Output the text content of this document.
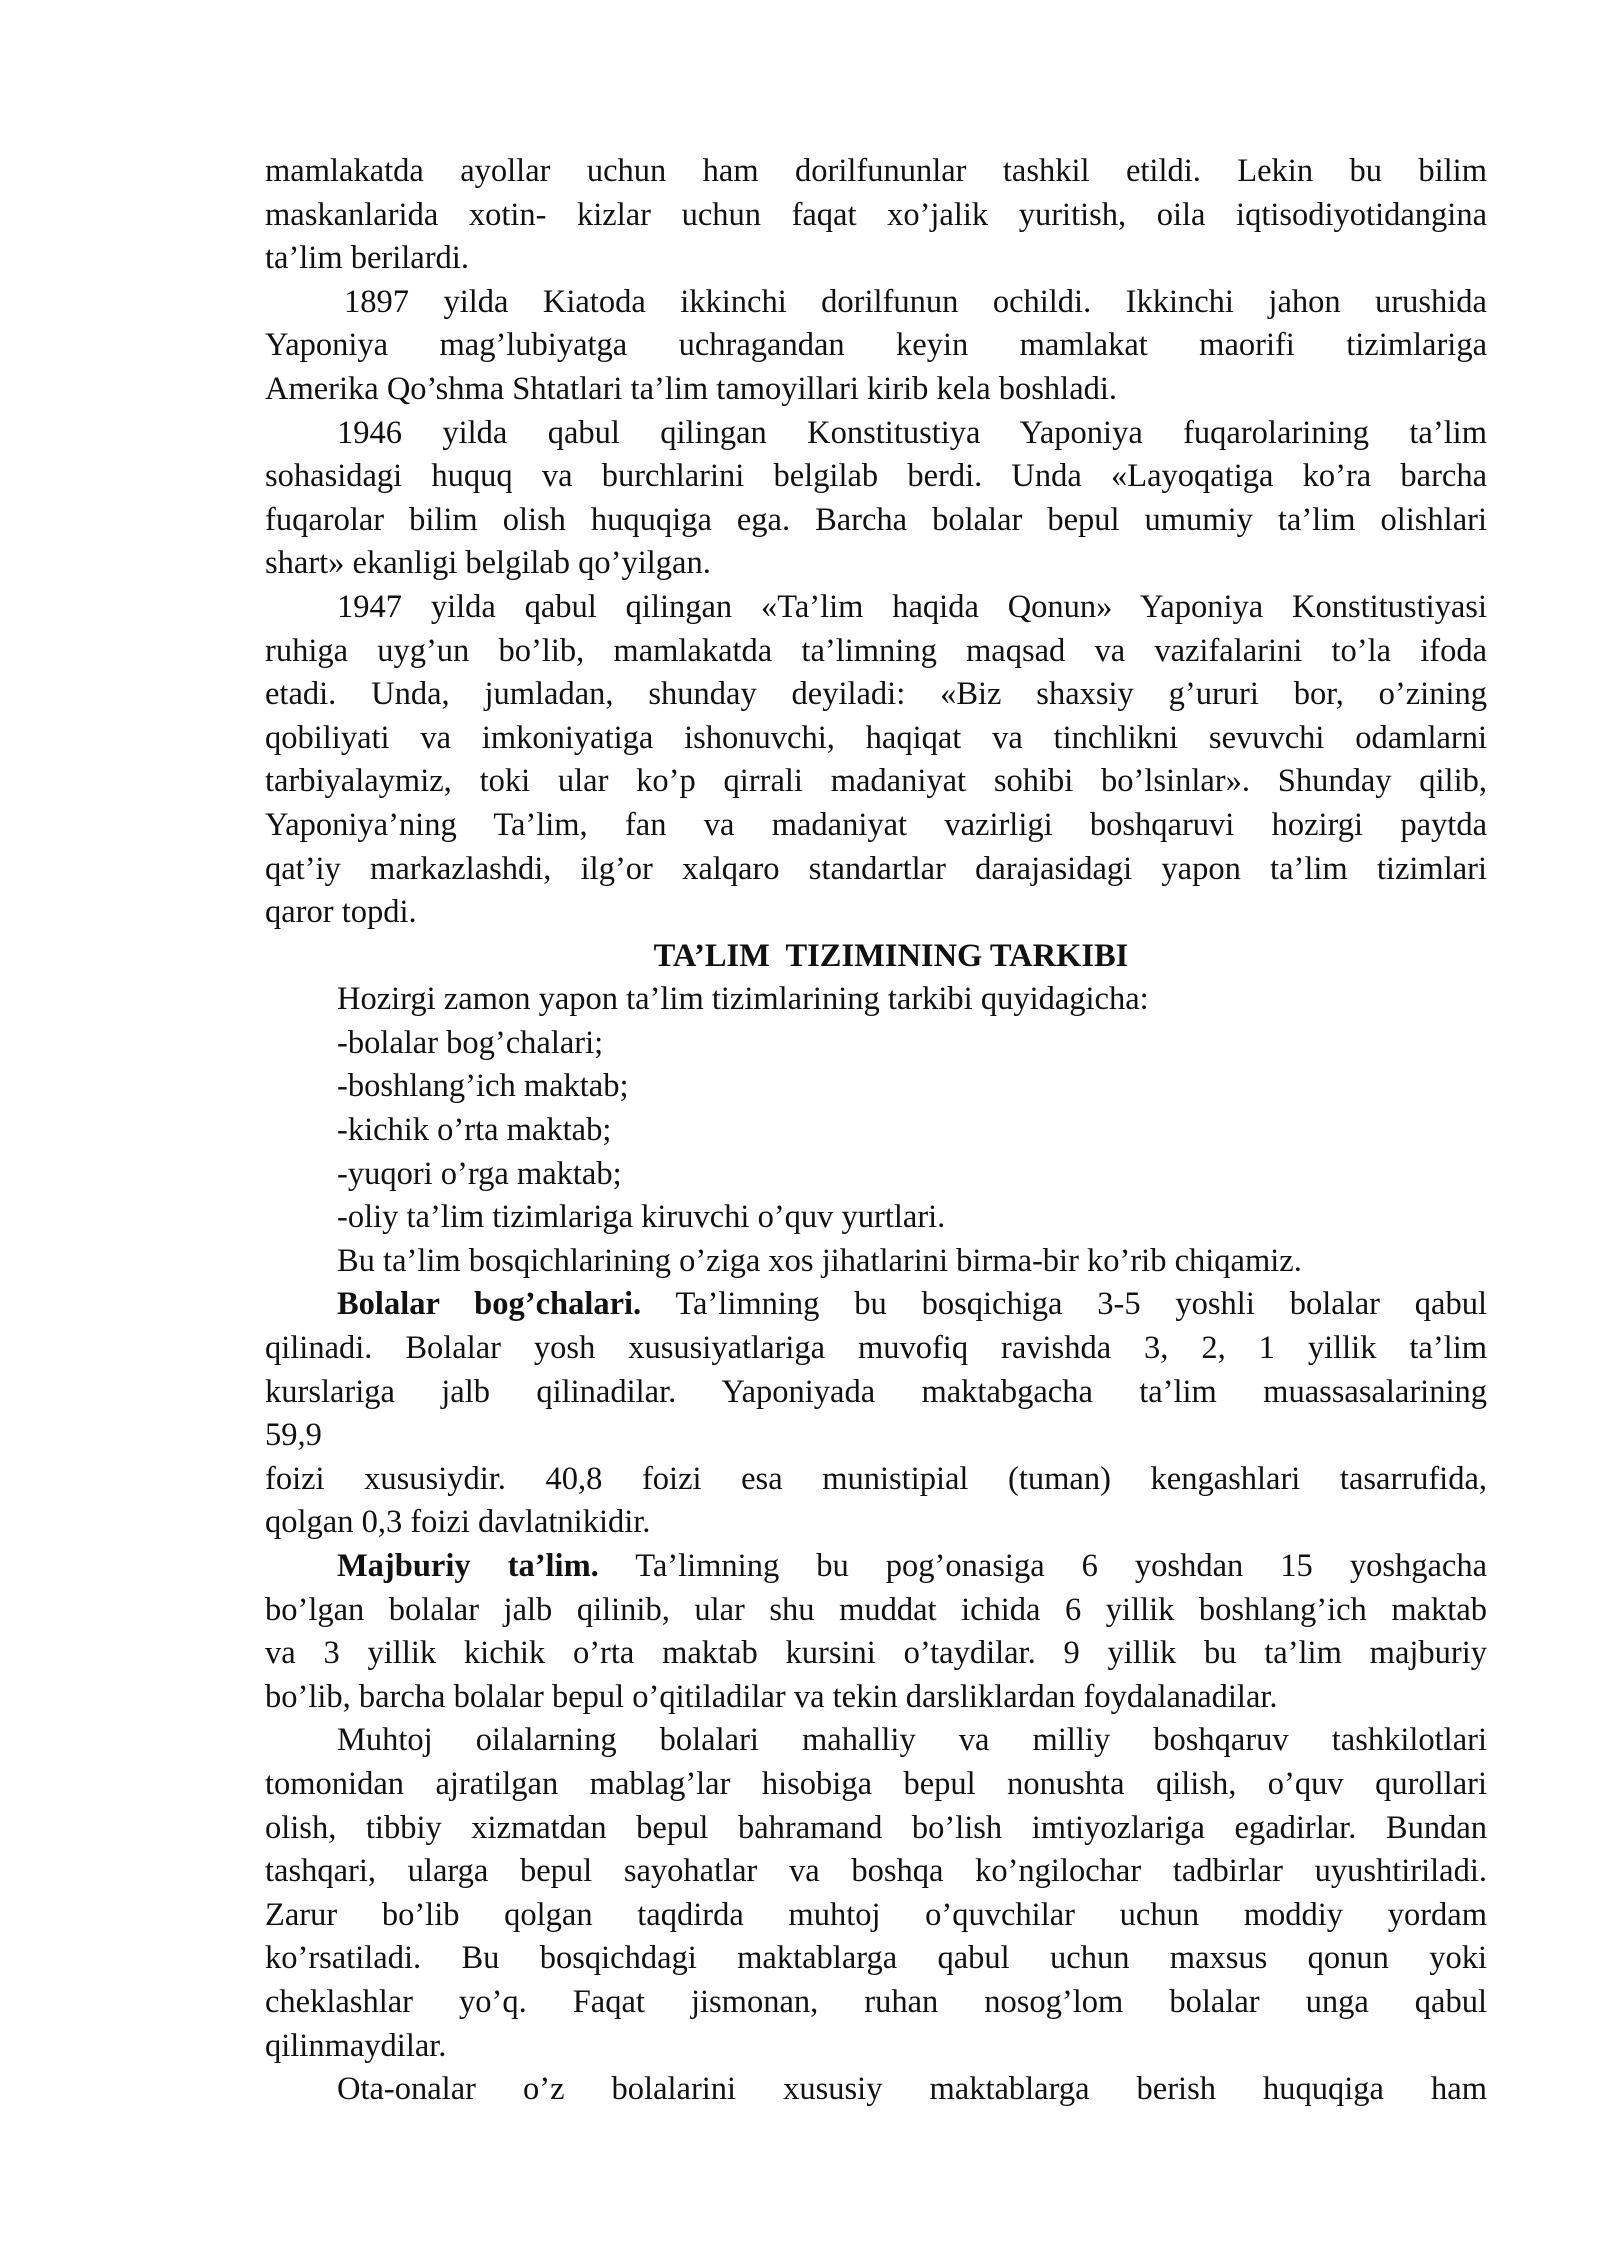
mamlakatda ayollar uchun ham dorilfununlar tashkil etildi. Lekin bu bilim
maskanlarida xotin- kizlar uchun faqat xo’jalik yuritish, oila iqtisodiyotidangina
ta’lim berilardi.
1897 yilda Kiatoda ikkinchi dorilfunun ochildi. Ikkinchi jahon urushida
Yaponiya mag’lubiyatga uchragandan keyin mamlakat maorifi tizimlariga
Amerika Qo’shma Shtatlari ta’lim tamoyillari kirib kela boshladi.
1946 yilda qabul qilingan Konstitustiya Yaponiya fuqarolarining ta’lim
sohasidagi huquq va burchlarini belgilab berdi. Unda «Layoqatiga ko’ra barcha
fuqarolar bilim olish huquqiga ega. Barcha bolalar bepul umumiy ta’lim olishlari
shart» ekanligi belgilab qo’yilgan.
1947 yilda qabul qilingan «Ta’lim haqida Qonun» Yaponiya Konstitustiyasi
ruhiga uyg’un bo’lib, mamlakatda ta’limning maqsad va vazifalarini to’la ifoda
etadi. Unda, jumladan, shunday deyiladi: «Biz shaxsiy g’ururi bor, o’zining
qobiliyati va imkoniyatiga ishonuvchi, haqiqat va tinchlikni sevuvchi odamlarni
tarbiyalaymiz, toki ular ko’p qirrali madaniyat sohibi bo’lsinlar». Shunday qilib,
Yaponiya’ning Ta’lim, fan va madaniyat vazirligi boshqaruvi hozirgi paytda
qat’iy markazlashdi, ilg’or xalqaro standartlar darajasidagi yapon ta’lim tizimlari
qaror topdi.
TA’LIM  TIZIMINING TARKIBI
Hozirgi zamon yapon ta’lim tizimlarining tarkibi quyidagicha:
-bolalar bog’chalari;
-boshlang’ich maktab;
-kichik o’rta maktab;
-yuqori o’rga maktab;
-oliy ta’lim tizimlariga kiruvchi o’quv yurtlari.
Bu ta’lim bosqichlarining o’ziga xos jihatlarini birma-bir ko’rib chiqamiz.
Bolalar bog’chalari. Ta’limning bu bosqichiga 3-5 yoshli bolalar qabul
qilinadi. Bolalar yosh xususiyatlariga muvofiq ravishda 3, 2, 1 yillik ta’lim
kurslariga jalb qilinadilar. Yaponiyada maktabgacha ta’lim muassasalarining
59,9
foizi xususiydir. 40,8 foizi esa munistipial (tuman) kengashlari tasarrufida,
qolgan 0,3 foizi davlatnikidir.
Majburiy ta’lim. Ta’limning bu pog’onasiga 6 yoshdan 15 yoshgacha
bo’lgan bolalar jalb qilinib, ular shu muddat ichida 6 yillik boshlang’ich maktab
va 3 yillik kichik o’rta maktab kursini o’taydilar. 9 yillik bu ta’lim majburiy
bo’lib, barcha bolalar bepul o’qitiladilar va tekin darsliklardan foydalanadilar.
Muhtoj oilalarning bolalari mahalliy va milliy boshqaruv tashkilotlari
tomonidan ajratilgan mablag’lar hisobiga bepul nonushta qilish, o’quv qurollari
olish, tibbiy xizmatdan bepul bahramand bo’lish imtiyozlariga egadirlar. Bundan
tashqari, ularga bepul sayohatlar va boshqa ko’ngilochar tadbirlar uyushtiriladi.
Zarur bo’lib qolgan taqdirda muhtoj o’quvchilar uchun moddiy yordam
ko’rsatiladi. Bu bosqichdagi maktablarga qabul uchun maxsus qonun yoki
cheklashlar yo’q. Faqat jismonan, ruhan nosog’lom bolalar unga qabul
qilinmaydilar.
Ota-onalar o’z bolalarini xususiy maktablarga berish huquqiga ham
